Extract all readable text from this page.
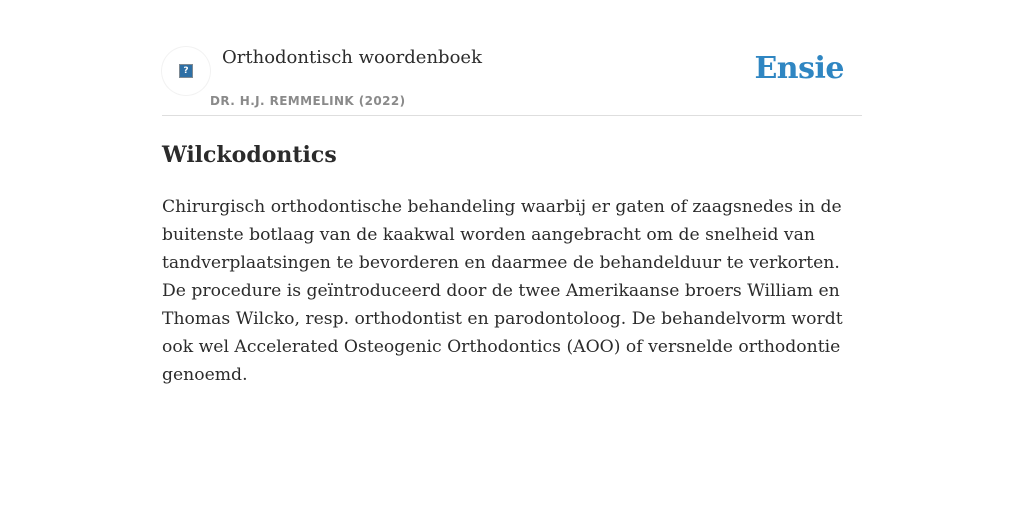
?
Orthodontisch woordenboek
DR. H.J. REMMELINK (2022)
Ensie
Wilckodontics

Chirurgisch orthodontische behandeling waarbij er gaten of zaagsnedes in de buitenste botlaag van de kaakwal worden aangebracht om de snelheid van tandverplaatsingen te bevorderen en daarmee de behandelduur te verkorten. De procedure is geïntroduceerd door de twee Amerikaanse broers William en Thomas Wilcko, resp. orthodontist en parodontoloog. De behandelvorm wordt ook wel Accelerated Osteogenic Orthodontics (AOO) of versnelde orthodontie genoemd.
